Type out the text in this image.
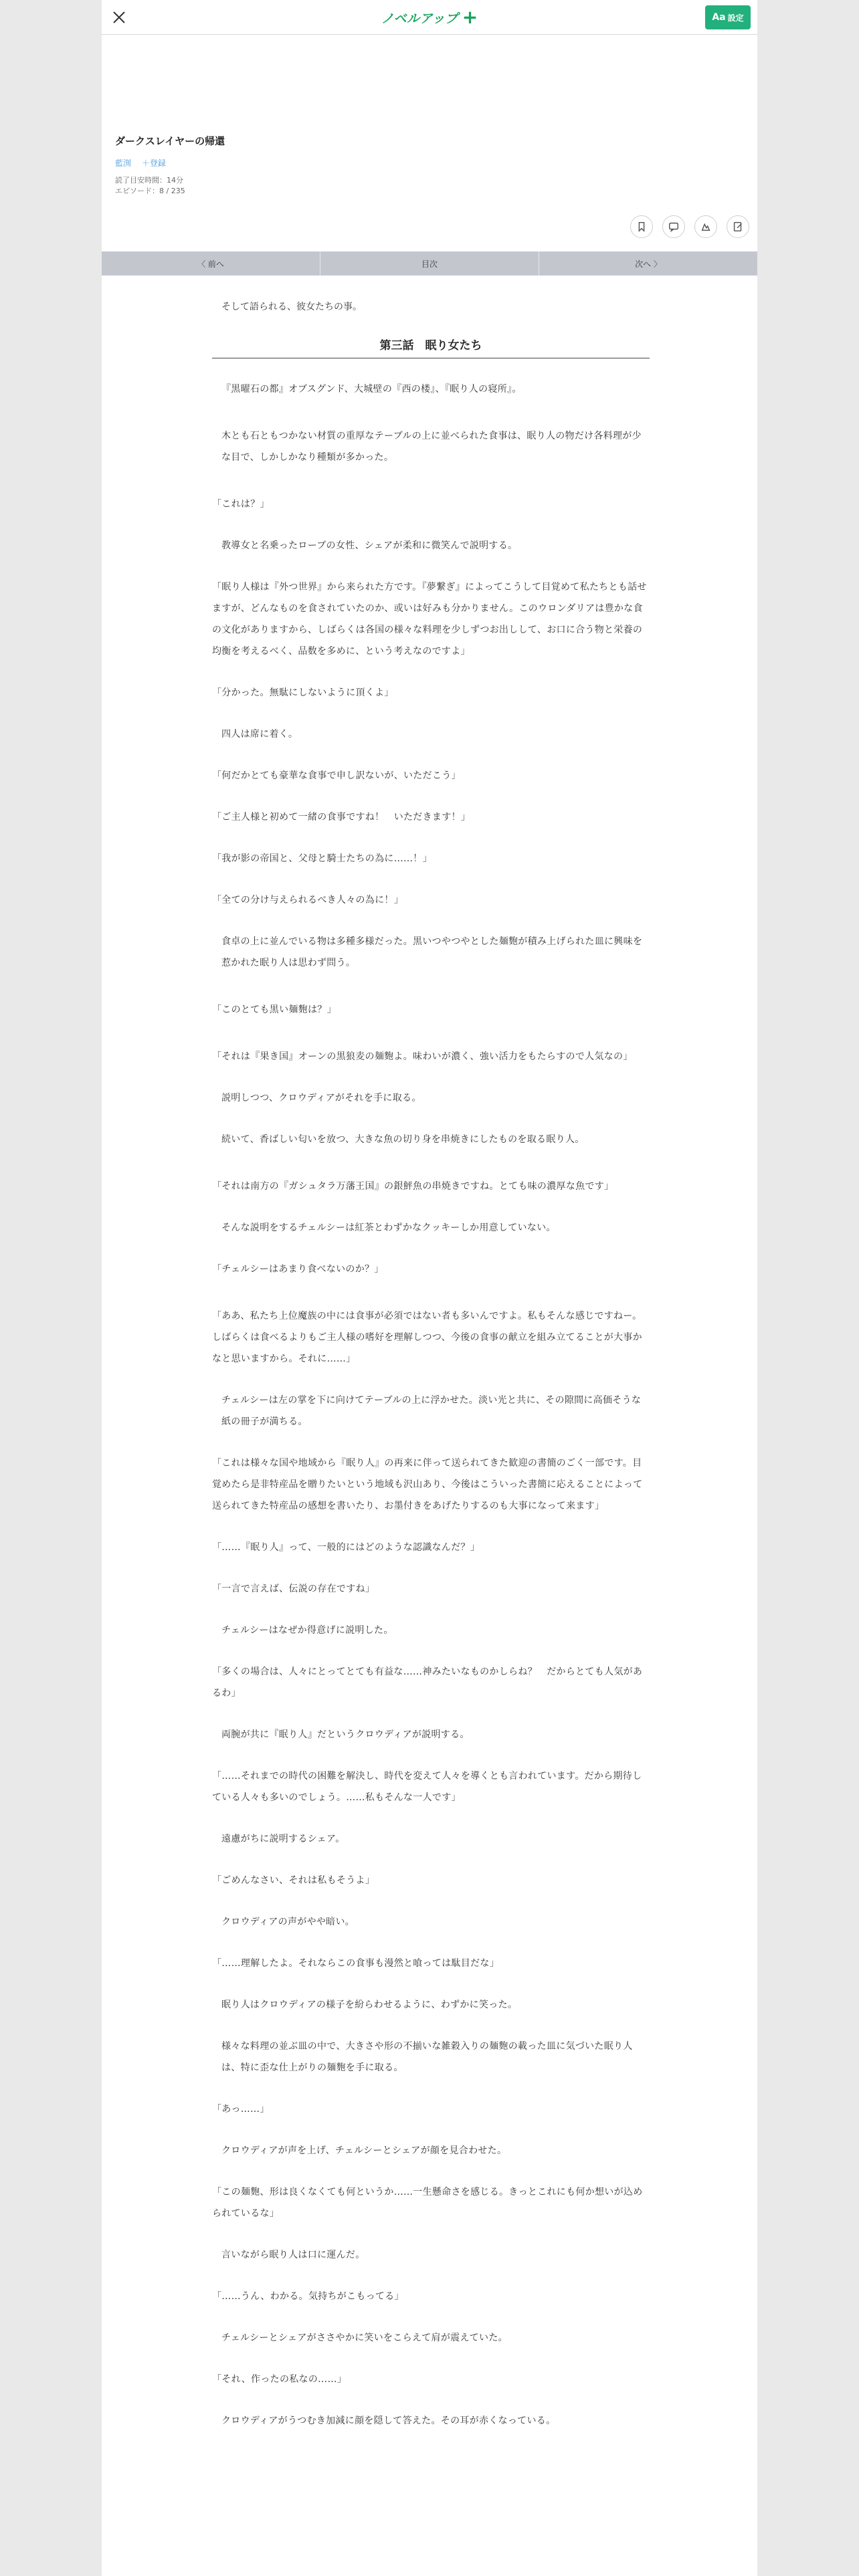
ノベルアップ +	Aa 設定
ダークスレイヤーの帰還
藍渕 ＋登録
読了目安時間：14分
エピソード：8 / 235
〈 前へ	目次	次へ 〉
そして語られる、彼女たちの事。
第三話　眠り女たち
『黒曜石の都』オブスグンド、大城壁の『西の楼』、『眠り人の寝所』。
木とも石ともつかない材質の重厚なテーブルの上に並べられた食事は、眠り人の物だけ各料理が少な目で、しかしかなり種類が多かった。
「これは？」
教導女と名乗ったローブの女性、シェアが柔和に微笑んで説明する。
「眠り人様は『外つ世界』から来られた方です。『夢繋ぎ』によってこうして目覚めて私たちとも話せますが、どんなものを食されていたのか、或いは好みも分かりません。このウロンダリアは豊かな食の文化がありますから、しばらくは各国の様々な料理を少しずつお出しして、お口に合う物と栄養の均衡を考えるべく、品数を多めに、という考えなのですよ」
「分かった。無駄にしないように頂くよ」
四人は席に着く。
「何だかとても豪華な食事で申し訳ないが、いただこう」
「ご主人様と初めて一緒の食事ですね！　いただきます！」
「我が影の帝国と、父母と騎士たちの為に……！」
「全ての分け与えられるべき人々の為に！」
食卓の上に並んでいる物は多種多様だった。黒いつやつやとした麺麭が積み上げられた皿に興味を惹かれた眠り人は思わず問う。
「このとても黒い麺麭は？」
「それは『果き国』オーンの黒狼麦の麺麭よ。味わいが濃く、強い活力をもたらすので人気なの」
説明しつつ、クロウディアがそれを手に取る。
続いて、香ばしい匂いを放つ、大きな魚の切り身を串焼きにしたものを取る眠り人。
「それは南方の『ガシュタラ万藩王国』の銀鮃魚の串焼きですね。とても味の濃厚な魚です」
そんな説明をするチェルシーは紅茶とわずかなクッキーしか用意していない。
「チェルシーはあまり食べないのか？」
「ああ、私たち上位魔族の中には食事が必須ではない者も多いんですよ。私もそんな感じですねー。しばらくは食べるよりもご主人様の嗜好を理解しつつ、今後の食事の献立を組み立てることが大事かなと思いますから。それに……」
チェルシーは左の掌を下に向けてテーブルの上に浮かせた。淡い光と共に、その隙間に高価そうな紙の冊子が満ちる。
「これは様々な国や地域から『眠り人』の再来に伴って送られてきた歓迎の書簡のごく一部です。目覚めたら是非特産品を贈りたいという地域も沢山あり、今後はこういった書簡に応えることによって送られてきた特産品の感想を書いたり、お墨付きをあげたりするのも大事になって来ます」
「……『眠り人』って、一般的にはどのような認識なんだ？」
「一言で言えば、伝説の存在ですね」
チェルシーはなぜか得意げに説明した。
「多くの場合は、人々にとってとても有益な……神みたいなものかしらね？　だからとても人気があるわ」
両腕が共に『眠り人』だというクロウディアが説明する。
「……それまでの時代の困難を解決し、時代を変えて人々を導くとも言われています。だから期待している人々も多いのでしょう。……私もそんな一人です」
遠慮がちに説明するシェア。
「ごめんなさい、それは私もそうよ」
クロウディアの声がやや暗い。
「……理解したよ。それならこの食事も漫然と喰っては駄目だな」
眠り人はクロウディアの様子を紛らわせるように、わずかに笑った。
様々な料理の並ぶ皿の中で、大きさや形の不揃いな雑穀入りの麺麭の載った皿に気づいた眠り人は、特に歪な仕上がりの麺麭を手に取る。
「あっ……」
クロウディアが声を上げ、チェルシーとシェアが顔を見合わせた。
「この麺麭、形は良くなくても何というか……一生懸命さを感じる。きっとこれにも何か想いが込められているな」
言いながら眠り人は口に運んだ。
「……うん、わかる。気持ちがこもってる」
チェルシーとシェアがささやかに笑いをこらえて肩が震えていた。
「それ、作ったの私なの……」
クロウディアがうつむき加減に顔を隠して答えた。その耳が赤くなっている。
